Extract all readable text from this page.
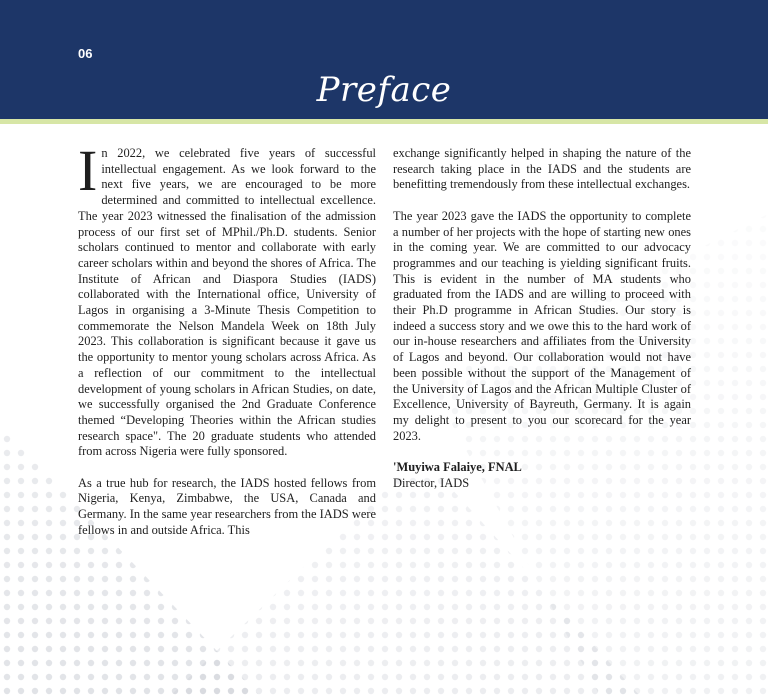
06
Preface

In 2022, we celebrated five years of successful intellectual engagement. As we look forward to the next five years, we are encouraged to be more determined and committed to intellectual excellence. The year 2023 witnessed the finalisation of the admission process of our first set of MPhil./Ph.D. students. Senior scholars continued to mentor and collaborate with early career scholars within and beyond the shores of Africa. The Institute of African and Diaspora Studies (IADS) collaborated with the International office, University of Lagos in organising a 3-Minute Thesis Competition to commemorate the Nelson Mandela Week on 18th July 2023. This collaboration is significant because it gave us the opportunity to mentor young scholars across Africa. As a reflection of our commitment to the intellectual development of young scholars in African Studies, on date, we successfully organised the 2nd Graduate Conference themed “Developing Theories within the African studies research space". The 20 graduate students who attended from across Nigeria were fully sponsored.

As a true hub for research, the IADS hosted fellows from Nigeria, Kenya, Zimbabwe, the USA, Canada and Germany. In the same year researchers from the IADS were fellows in and outside Africa. This

exchange significantly helped in shaping the nature of the research taking place in the IADS and the students are benefitting tremendously from these intellectual exchanges.

The year 2023 gave the IADS the opportunity to complete a number of her projects with the hope of starting new ones in the coming year. We are committed to our advocacy programmes and our teaching is yielding significant fruits. This is evident in the number of MA students who graduated from the IADS and are willing to proceed with their Ph.D programme in African Studies. Our story is indeed a success story and we owe this to the hard work of our in-house researchers and affiliates from the University of Lagos and beyond. Our collaboration would not have been possible without the support of the Management of the University of Lagos and the African Multiple Cluster of Excellence, University of Bayreuth, Germany. It is again my delight to present to you our scorecard for the year 2023.

'Muyiwa Falaiye, FNAL
Director, IADS
